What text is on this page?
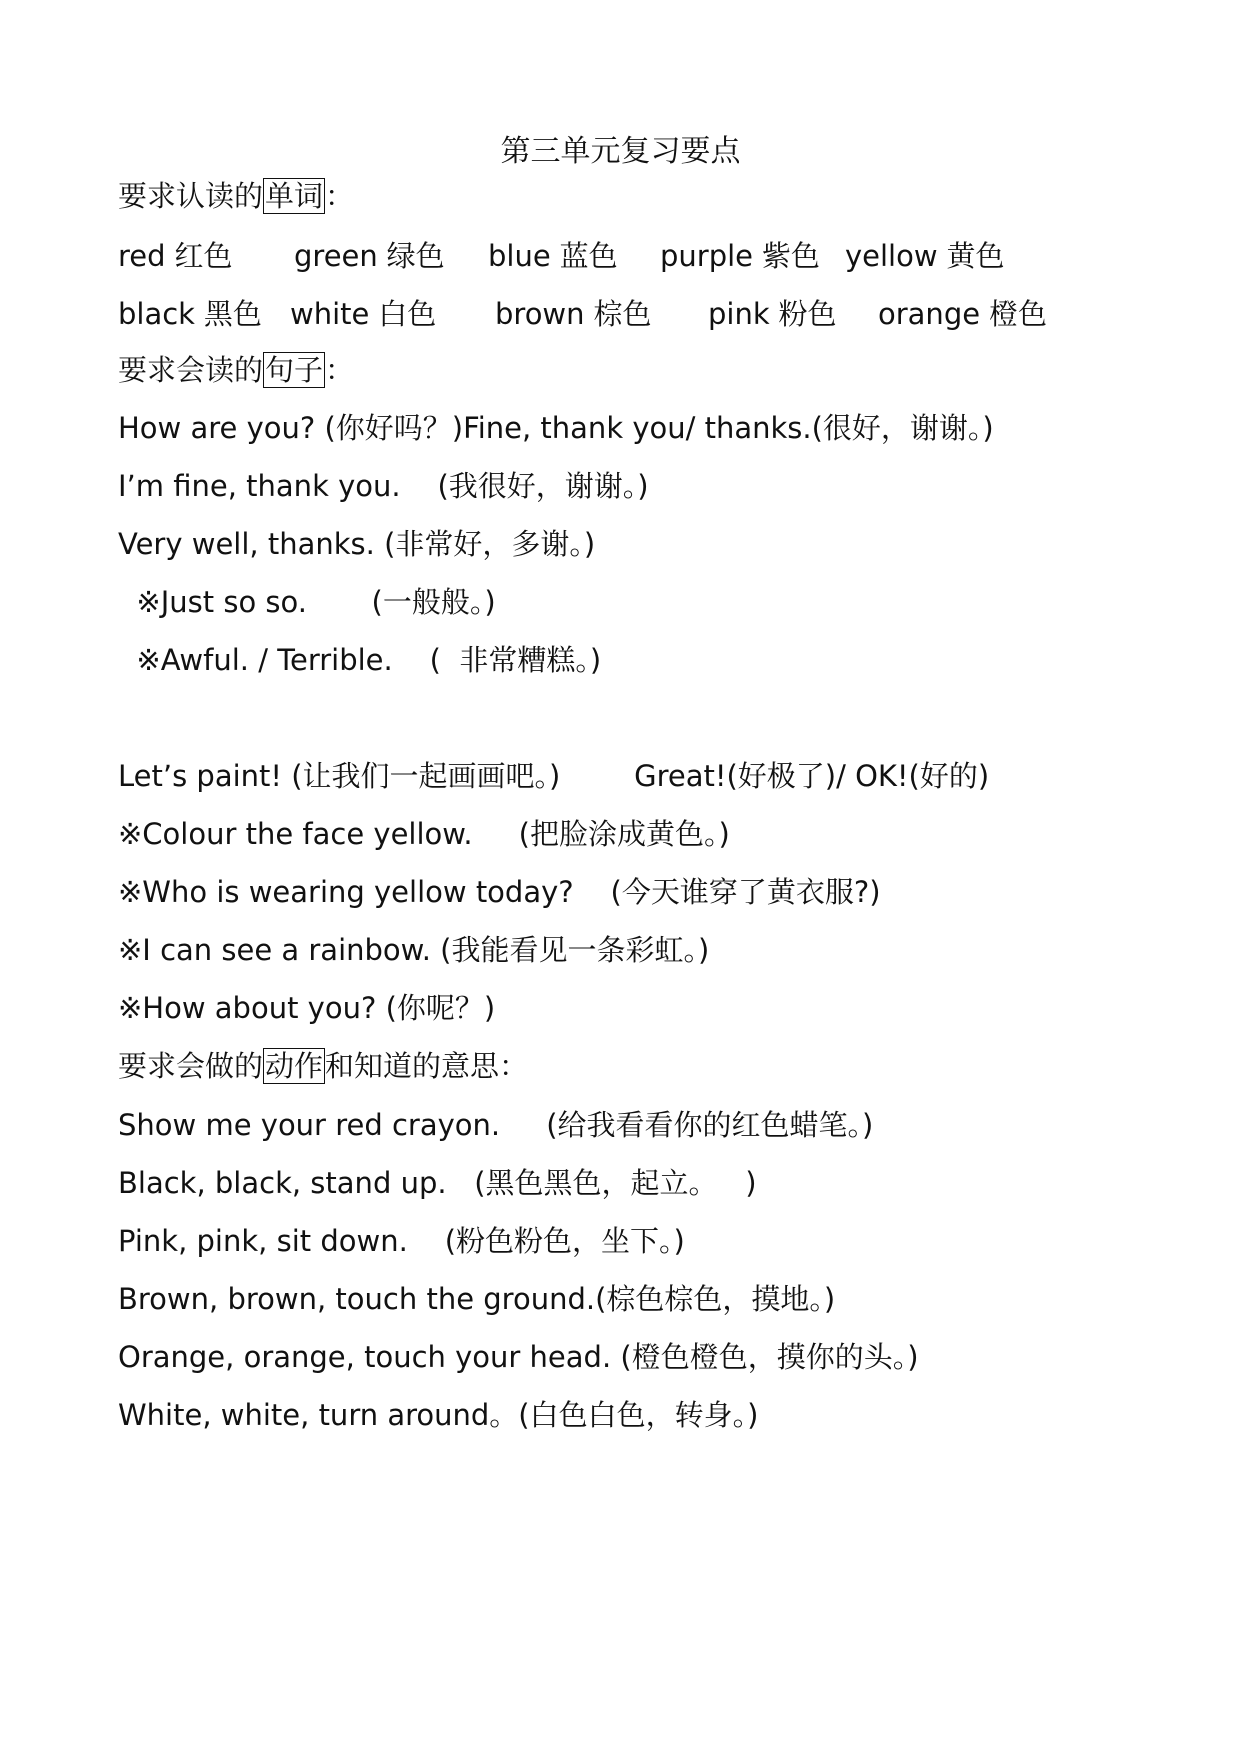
第三单元复习要点
要求认读的单词：
red 红色 green 绿色 blue 蓝色 purple 紫色 yellow 黄色
black 黑色 white 白色 brown 棕色 pink 粉色 orange 橙色
要求会读的句子：
How are you? (你好吗？)Fine, thank you/ thanks.(很好，谢谢。)
I’m fine, thank you.    (我很好，谢谢。)
Very well, thanks. (非常好，多谢。)
※Just so so.       (一般般。)
※Awful. / Terrible.    (  非常糟糕。)
Let’s paint! (让我们一起画画吧。)        Great!(好极了)/ OK!(好的)
※Colour the face yellow.     (把脸涂成黄色。)
※Who is wearing yellow today?    (今天谁穿了黄衣服?)
※I can see a rainbow. (我能看见一条彩虹。)
※How about you? (你呢？)
要求会做的动作和知道的意思：
Show me your red crayon.     (给我看看你的红色蜡笔。)
Black, black, stand up.   (黑色黑色，起立。   )
Pink, pink, sit down.    (粉色粉色，坐下。)
Brown, brown, touch the ground.(棕色棕色，摸地。)
Orange, orange, touch your head. (橙色橙色，摸你的头。)
White, white, turn around。(白色白色，转身。)
